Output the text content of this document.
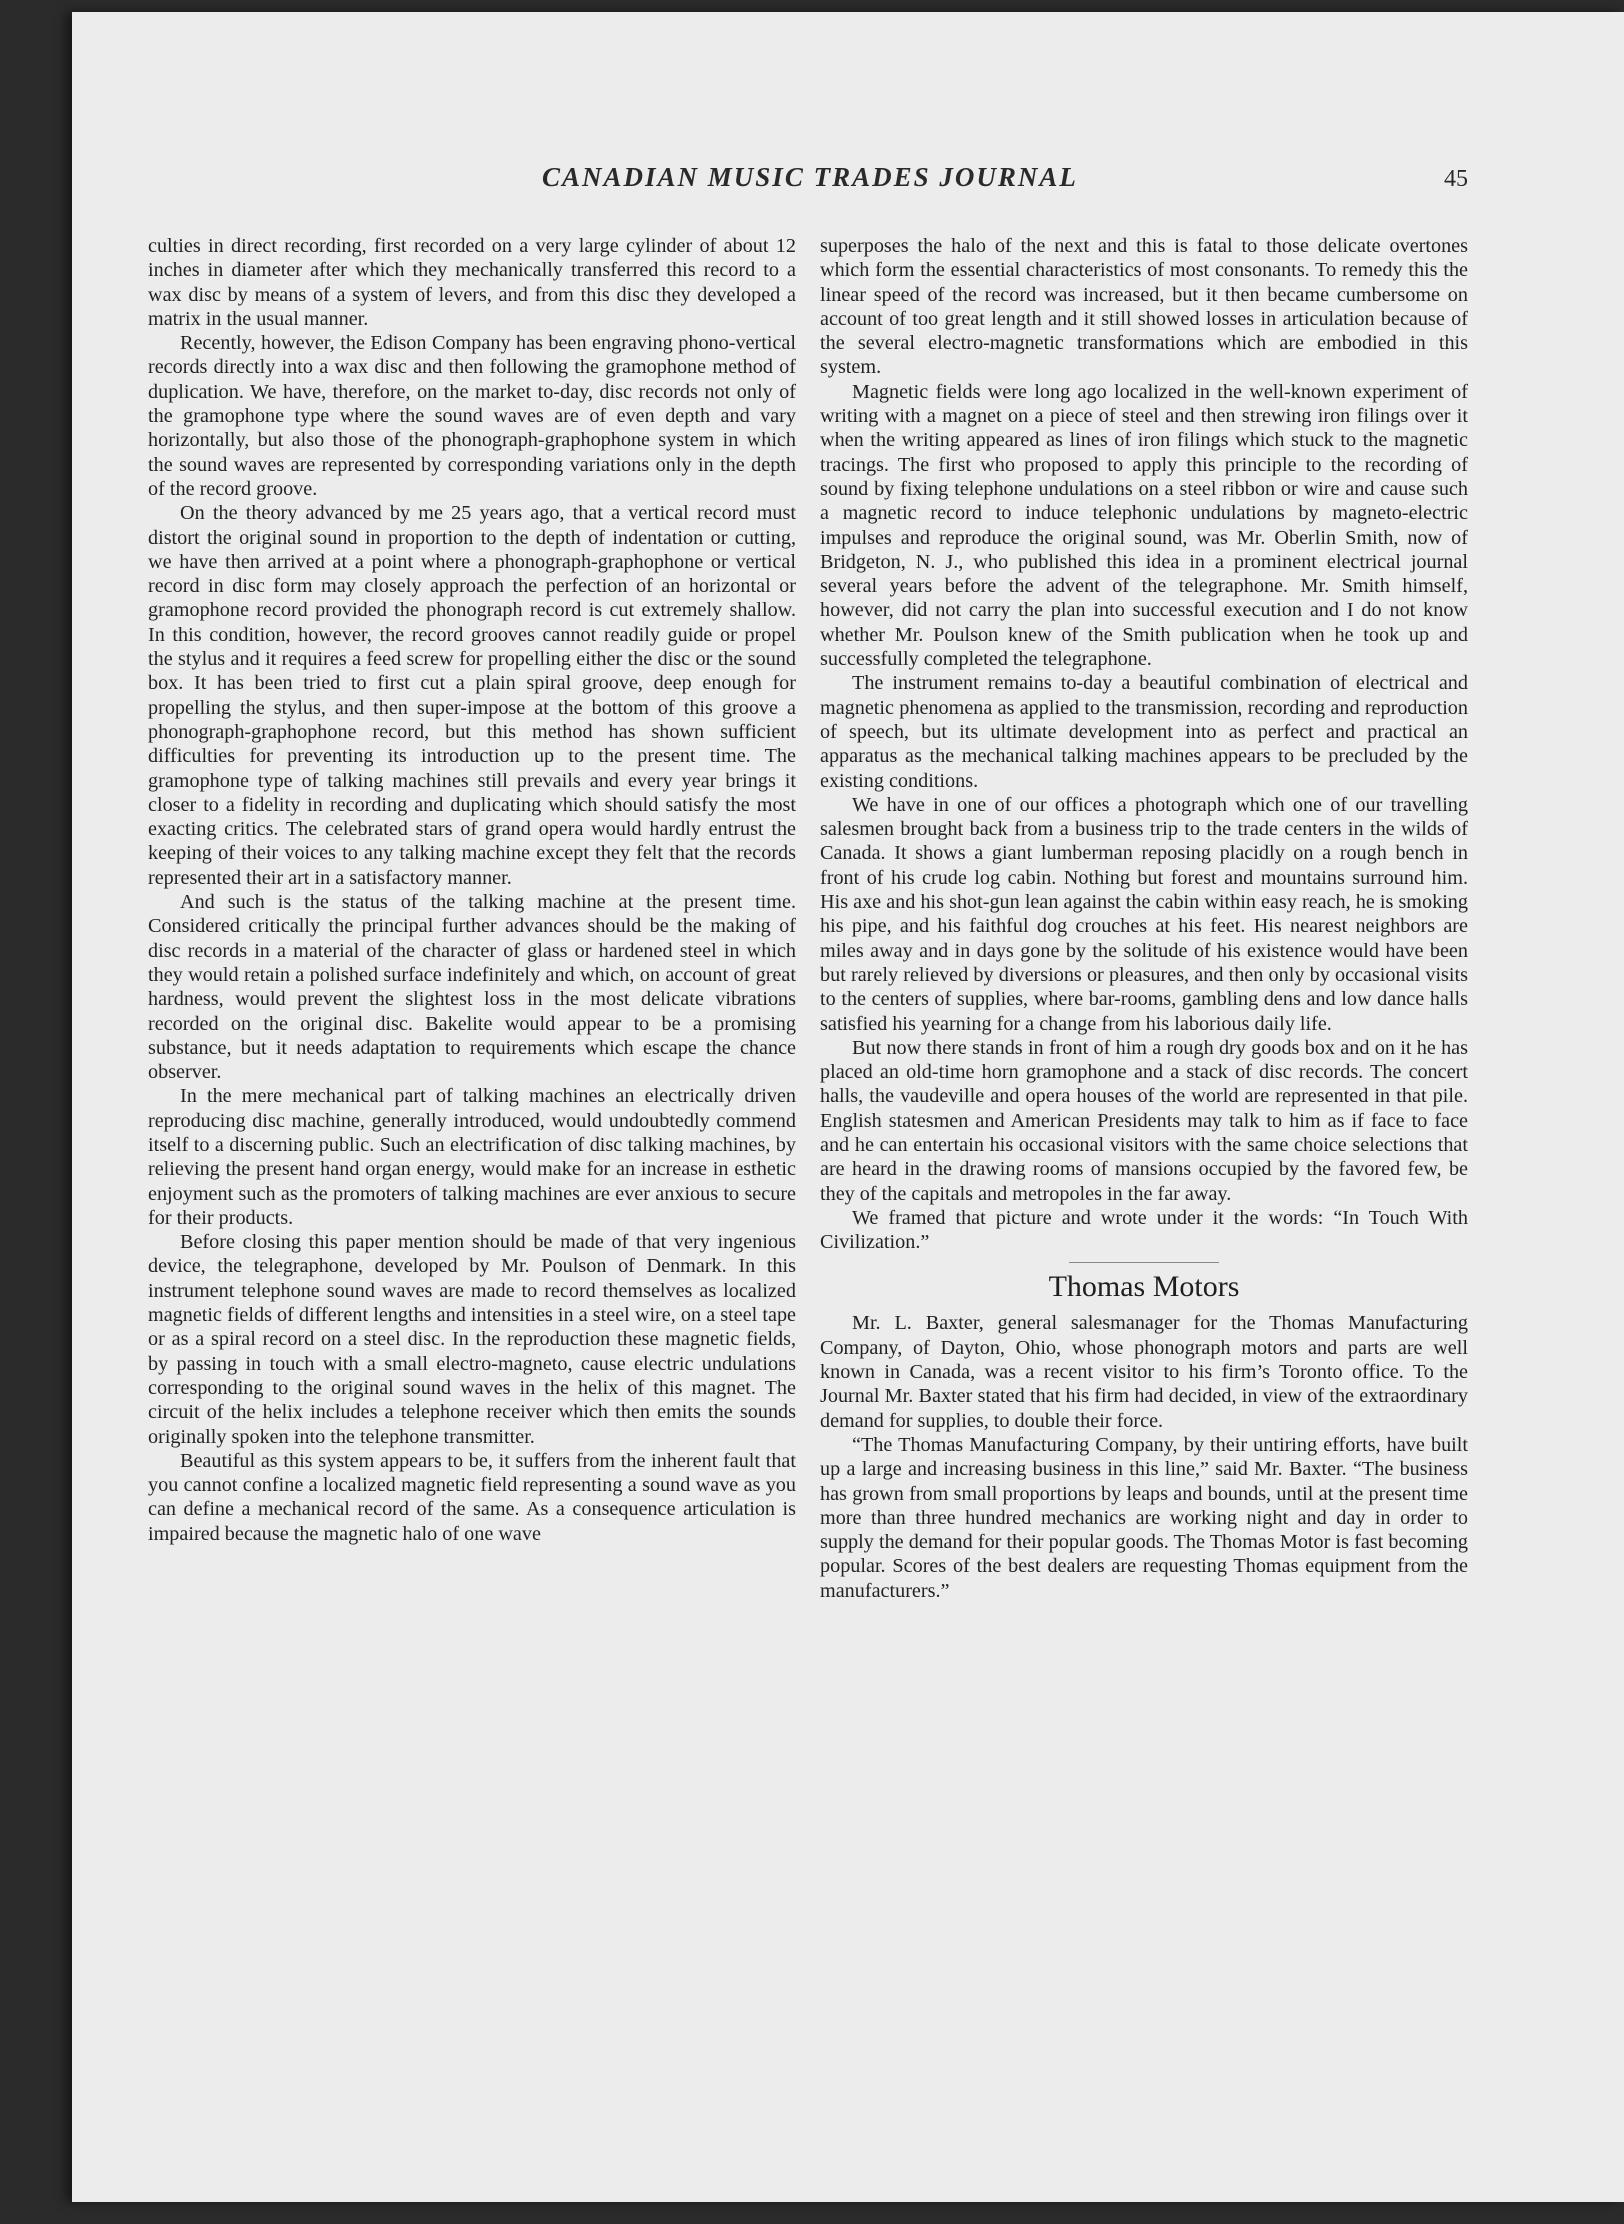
CANADIAN MUSIC TRADES JOURNAL	45

culties in direct recording, first recorded on a very large cylinder of about 12 inches in diameter after which they mechanically transferred this record to a wax disc by means of a system of levers, and from this disc they developed a matrix in the usual manner.

Recently, however, the Edison Company has been engraving phono-vertical records directly into a wax disc and then following the gramophone method of duplication. We have, therefore, on the market to-day, disc records not only of the gramophone type where the sound waves are of even depth and vary horizontally, but also those of the phonograph-graphophone system in which the sound waves are represented by corresponding variations only in the depth of the record groove.

On the theory advanced by me 25 years ago, that a vertical record must distort the original sound in proportion to the depth of indentation or cutting, we have then arrived at a point where a phonograph-graphophone or vertical record in disc form may closely approach the perfection of an horizontal or gramophone record provided the phonograph record is cut extremely shallow. In this condition, however, the record grooves cannot readily guide or propel the stylus and it requires a feed screw for propelling either the disc or the sound box. It has been tried to first cut a plain spiral groove, deep enough for propelling the stylus, and then super-impose at the bottom of this groove a phonograph-graphophone record, but this method has shown sufficient difficulties for preventing its introduction up to the present time. The gramophone type of talking machines still prevails and every year brings it closer to a fidelity in recording and duplicating which should satisfy the most exacting critics. The celebrated stars of grand opera would hardly entrust the keeping of their voices to any talking machine except they felt that the records represented their art in a satisfactory manner.

And such is the status of the talking machine at the present time. Considered critically the principal further advances should be the making of disc records in a material of the character of glass or hardened steel in which they would retain a polished surface indefinitely and which, on account of great hardness, would prevent the slightest loss in the most delicate vibrations recorded on the original disc. Bakelite would appear to be a promising substance, but it needs adaptation to requirements which escape the chance observer.

In the mere mechanical part of talking machines an electrically driven reproducing disc machine, generally introduced, would undoubtedly commend itself to a discerning public. Such an electrification of disc talking machines, by relieving the present hand organ energy, would make for an increase in esthetic enjoyment such as the promoters of talking machines are ever anxious to secure for their products.

Before closing this paper mention should be made of that very ingenious device, the telegraphone, developed by Mr. Poulson of Denmark. In this instrument telephone sound waves are made to record themselves as localized magnetic fields of different lengths and intensities in a steel wire, on a steel tape or as a spiral record on a steel disc. In the reproduction these magnetic fields, by passing in touch with a small electro-magneto, cause electric undulations corresponding to the original sound waves in the helix of this magnet. The circuit of the helix includes a telephone receiver which then emits the sounds originally spoken into the telephone transmitter.

Beautiful as this system appears to be, it suffers from the inherent fault that you cannot confine a localized magnetic field representing a sound wave as you can define a mechanical record of the same. As a consequence articulation is impaired because the magnetic halo of one wave

superposes the halo of the next and this is fatal to those delicate overtones which form the essential characteristics of most consonants. To remedy this the linear speed of the record was increased, but it then became cumbersome on account of too great length and it still showed losses in articulation because of the several electro-magnetic transformations which are embodied in this system.

Magnetic fields were long ago localized in the well-known experiment of writing with a magnet on a piece of steel and then strewing iron filings over it when the writing appeared as lines of iron filings which stuck to the magnetic tracings. The first who proposed to apply this principle to the recording of sound by fixing telephone undulations on a steel ribbon or wire and cause such a magnetic record to induce telephonic undulations by magneto-electric impulses and reproduce the original sound, was Mr. Oberlin Smith, now of Bridgeton, N. J., who published this idea in a prominent electrical journal several years before the advent of the telegraphone. Mr. Smith himself, however, did not carry the plan into successful execution and I do not know whether Mr. Poulson knew of the Smith publication when he took up and successfully completed the telegraphone.

The instrument remains to-day a beautiful combination of electrical and magnetic phenomena as applied to the transmission, recording and reproduction of speech, but its ultimate development into as perfect and practical an apparatus as the mechanical talking machines appears to be precluded by the existing conditions.

We have in one of our offices a photograph which one of our travelling salesmen brought back from a business trip to the trade centers in the wilds of Canada. It shows a giant lumberman reposing placidly on a rough bench in front of his crude log cabin. Nothing but forest and mountains surround him. His axe and his shot-gun lean against the cabin within easy reach, he is smoking his pipe, and his faithful dog crouches at his feet. His nearest neighbors are miles away and in days gone by the solitude of his existence would have been but rarely relieved by diversions or pleasures, and then only by occasional visits to the centers of supplies, where bar-rooms, gambling dens and low dance halls satisfied his yearning for a change from his laborious daily life.

But now there stands in front of him a rough dry goods box and on it he has placed an old-time horn gramophone and a stack of disc records. The concert halls, the vaudeville and opera houses of the world are represented in that pile. English statesmen and American Presidents may talk to him as if face to face and he can entertain his occasional visitors with the same choice selections that are heard in the drawing rooms of mansions occupied by the favored few, be they of the capitals and metropoles in the far away.

We framed that picture and wrote under it the words: “In Touch With Civilization.”

Thomas Motors

Mr. L. Baxter, general salesmanager for the Thomas Manufacturing Company, of Dayton, Ohio, whose phonograph motors and parts are well known in Canada, was a recent visitor to his firm’s Toronto office. To the Journal Mr. Baxter stated that his firm had decided, in view of the extraordinary demand for supplies, to double their force.

“The Thomas Manufacturing Company, by their untiring efforts, have built up a large and increasing business in this line,” said Mr. Baxter. “The business has grown from small proportions by leaps and bounds, until at the present time more than three hundred mechanics are working night and day in order to supply the demand for their popular goods. The Thomas Motor is fast becoming popular. Scores of the best dealers are requesting Thomas equipment from the manufacturers.”
